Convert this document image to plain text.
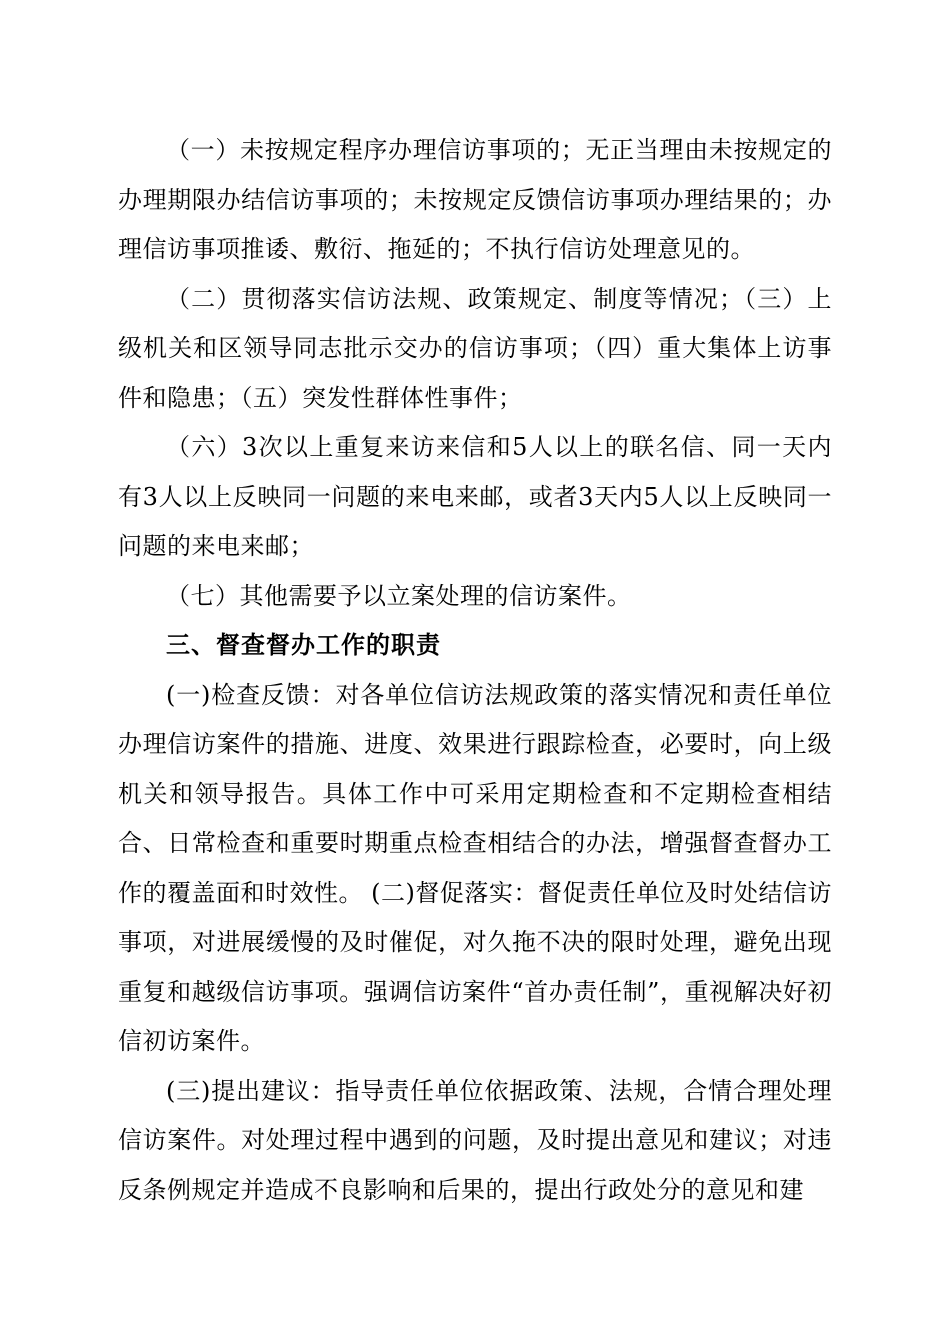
（一）未按规定程序办理信访事项的；无正当理由未按规定的办理期限办结信访事项的；未按规定反馈信访事项办理结果的；办理信访事项推诿、敷衍、拖延的；不执行信访处理意见的。

（二）贯彻落实信访法规、政策规定、制度等情况；（三）上级机关和区领导同志批示交办的信访事项；（四）重大集体上访事件和隐患；（五）突发性群体性事件；

（六）3次以上重复来访来信和5人以上的联名信、同一天内有3人以上反映同一问题的来电来邮，或者3天内5人以上反映同一问题的来电来邮；

（七）其他需要予以立案处理的信访案件。

三、督查督办工作的职责

(一)检查反馈：对各单位信访法规政策的落实情况和责任单位办理信访案件的措施、进度、效果进行跟踪检查，必要时，向上级机关和领导报告。具体工作中可采用定期检查和不定期检查相结合、日常检查和重要时期重点检查相结合的办法，增强督查督办工作的覆盖面和时效性。 (二)督促落实：督促责任单位及时处结信访事项，对进展缓慢的及时催促，对久拖不决的限时处理，避免出现重复和越级信访事项。强调信访案件“首办责任制”，重视解决好初信初访案件。

(三)提出建议：指导责任单位依据政策、法规，合情合理处理信访案件。对处理过程中遇到的问题，及时提出意见和建议；对违反条例规定并造成不良影响和后果的，提出行政处分的意见和建
